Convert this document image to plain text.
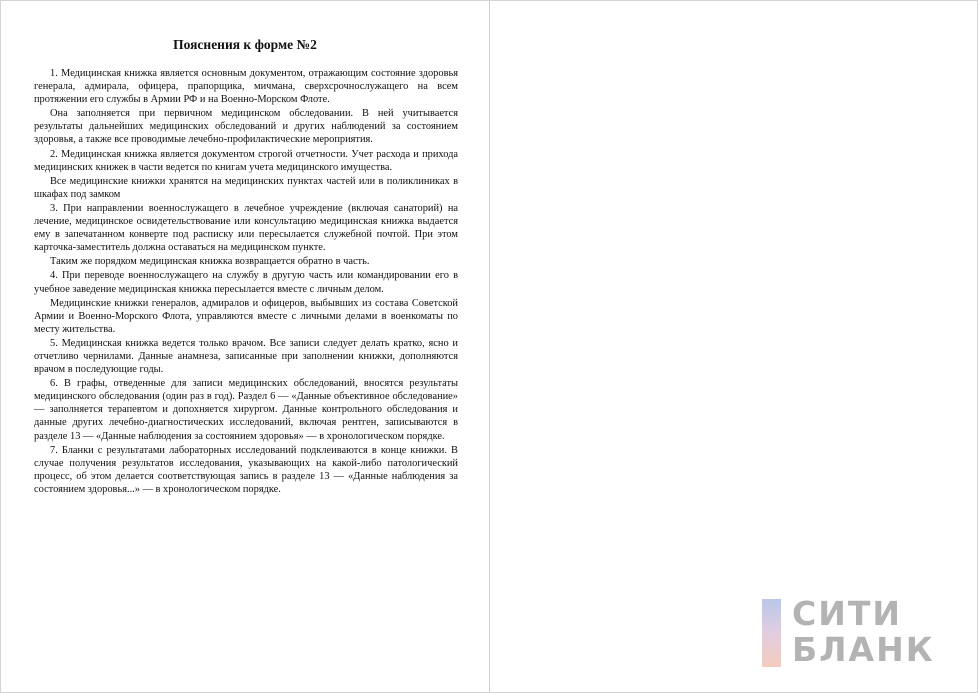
Пояснения к форме №2

1. Медицинская книжка является основным документом, отражающим состояние здоровья генерала, адмирала, офицера, прапорщика, мичмана, сверхсрочнослужащего на всем протяжении его службы в Армии РФ и на Военно-Морском Флоте.

Она заполняется при первичном медицинском обследовании. В ней учитывается результаты дальнейших медицинских обследований и других наблюдений за состоянием здоровья, а также все проводимые лечебно-профилактические мероприятия.

2. Медицинская книжка является документом строгой отчетности. Учет расхода и прихода медицинских книжек в части ведется по книгам учета медицинского имущества.

Все медицинские книжки хранятся на медицинских пунктах частей или в поликлиниках в шкафах под замком

3. При направлении военнослужащего в лечебное учреждение (включая санаторий) на лечение, медицинское освидетельствование или консультацию медицинская книжка выдается ему в запечатанном конверте под расписку или пересылается служебной почтой. При этом карточка-заместитель должна оставаться на медицинском пункте.

Таким же порядком медицинская книжка возвращается обратно в часть.

4. При переводе военнослужащего на службу в другую часть или командировании его в учебное заведение медицинская книжка пересылается вместе с личным делом.

Медицинские книжки генералов, адмиралов и офицеров, выбывших из состава Советской Армии и Военно-Морского Флота, управляются вместе с личными делами в военкоматы по месту жительства.

5. Медицинская книжка ведется только врачом. Все записи следует делать кратко, ясно и отчетливо чернилами. Данные анамнеза, записанные при заполнении книжки, дополняются врачом в последующие годы.

6. В графы, отведенные для записи медицинских обследований, вносятся результаты медицинского обследования (один раз в год). Раздел 6 — «Данные объективное обследование» — заполняется терапевтом и допохняется хирургом. Данные контрольного обследования и данные других лечебно-диагностических исследований, включая рентген, записываются в разделе 13 — «Данные наблюдения за состоянием здоровья» — в хронологическом порядке.

7. Бланки с результатами лабораторных исследований подклеиваются в конце книжки. В случае получения результатов исследования, указывающих на какой-либо патологический процесс, об этом делается соответствующая запись в разделе 13 — «Данные наблюдения за состоянием здоровья...» — в хронологическом порядке.

СИТИ
БЛАНК
